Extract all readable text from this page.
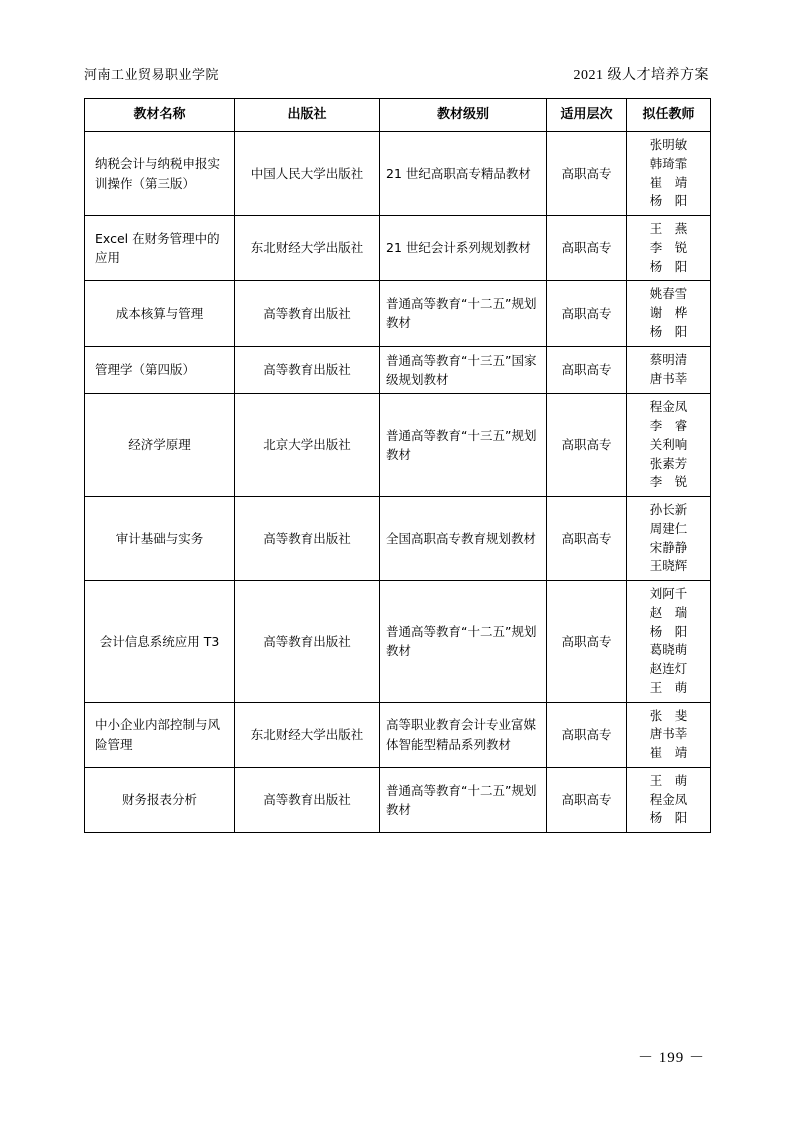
河南工业贸易职业学院	2021 级人才培养方案
教材名称	出版社	教材级别	适用层次	拟任教师
纳税会计与纳税申报实训操作（第三版）	中国人民大学出版社	21 世纪高职高专精品教材	高职高专	张明敏
韩琦霏
崔　靖
杨　阳

Excel 在财务管理中的应用	东北财经大学出版社	21 世纪会计系列规划教材	高职高专	王　燕
李　锐
杨　阳

成本核算与管理	高等教育出版社	普通高等教育“十二五”规划教材	高职高专	姚春雪
谢　桦
杨　阳

管理学（第四版）	高等教育出版社	普通高等教育“十三五”国家级规划教材	高职高专	蔡明清
唐书莘

经济学原理	北京大学出版社	普通高等教育“十三五”规划教材	高职高专	程金凤
李　睿
关利响
张素芳
李　锐

审计基础与实务	高等教育出版社	全国高职高专教育规划教材	高职高专	孙长新
周建仁
宋静静
王晓辉

会计信息系统应用 T3	高等教育出版社	普通高等教育“十二五”规划教材	高职高专	
刘阿千
赵　瑞
杨　阳
葛晓萌
赵连灯
王　萌

中小企业内部控制与风险管理	东北财经大学出版社	高等职业教育会计专业富媒体智能型精品系列教材	高职高专	张　斐
唐书莘
崔　靖

财务报表分析	高等教育出版社	普通高等教育“十二五”规划教材	高职高专	王　萌
程金凤
杨　阳
－ 199 －
